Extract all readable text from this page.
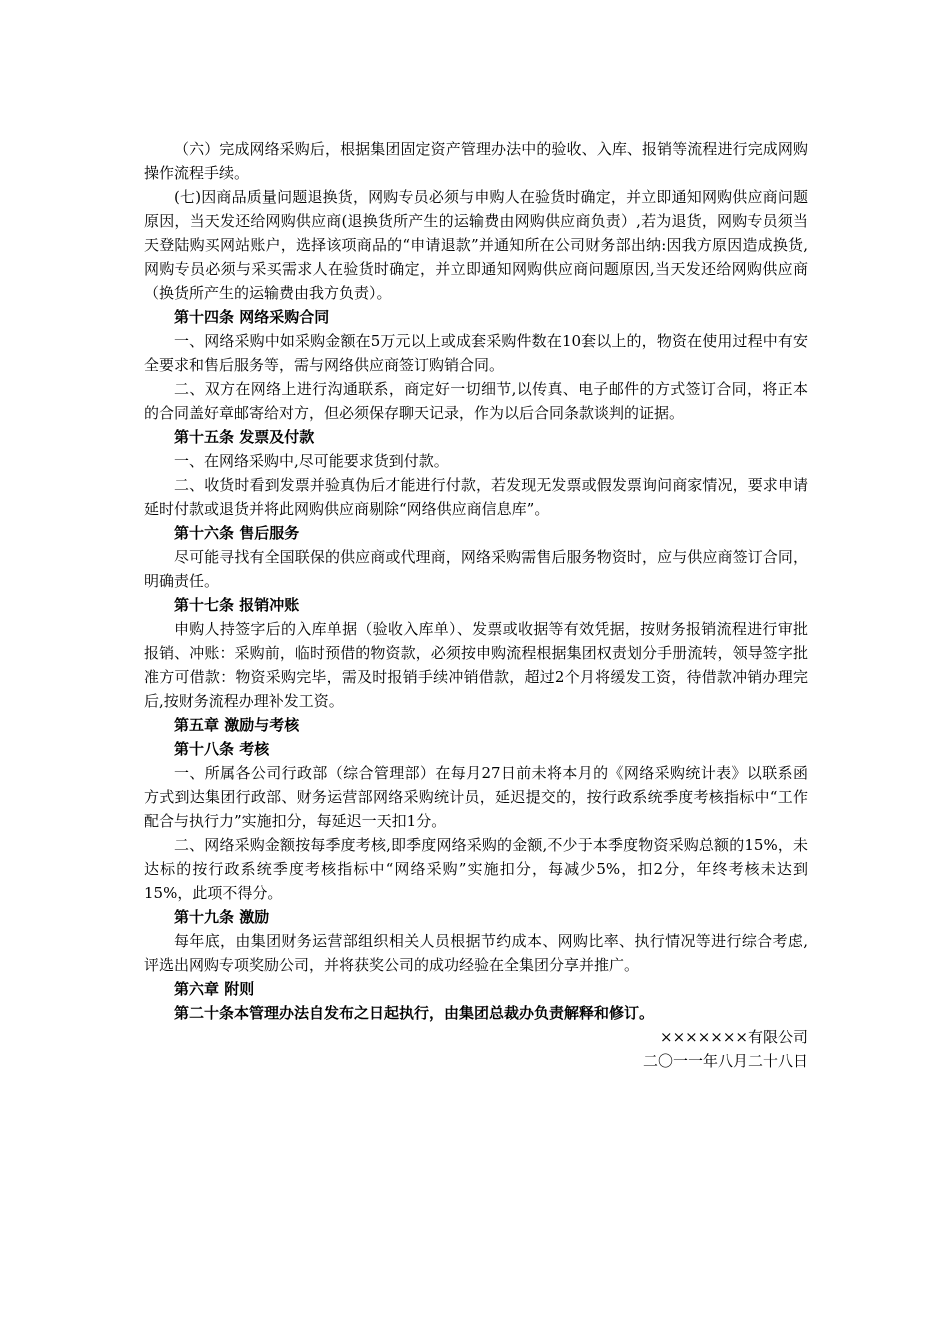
（六）完成网络采购后，根据集团固定资产管理办法中的验收、入库、报销等流程进行完成网购操作流程手续。

(七)因商品质量问题退换货，网购专员必须与申购人在验货时确定，并立即通知网购供应商问题原因，当天发还给网购供应商(退换货所产生的运输费由网购供应商负责）,若为退货，网购专员须当天登陆购买网站账户，选择该项商品的“申请退款”并通知所在公司财务部出纳:因我方原因造成换货,网购专员必须与采买需求人在验货时确定，并立即通知网购供应商问题原因,当天发还给网购供应商（换货所产生的运输费由我方负责）。

第十四条 网络采购合同

一、网络采购中如采购金额在5万元以上或成套采购件数在10套以上的，物资在使用过程中有安全要求和售后服务等，需与网络供应商签订购销合同。

二、双方在网络上进行沟通联系，商定好一切细节,以传真、电子邮件的方式签订合同，将正本的合同盖好章邮寄给对方，但必须保存聊天记录，作为以后合同条款谈判的证据。

第十五条 发票及付款

一、在网络采购中,尽可能要求货到付款。

二、收货时看到发票并验真伪后才能进行付款，若发现无发票或假发票询问商家情况，要求申请延时付款或退货并将此网购供应商剔除“网络供应商信息库”。

第十六条 售后服务

尽可能寻找有全国联保的供应商或代理商，网络采购需售后服务物资时，应与供应商签订合同，明确责任。

第十七条 报销冲账

申购人持签字后的入库单据（验收入库单）、发票或收据等有效凭据，按财务报销流程进行审批报销、冲账：采购前，临时预借的物资款，必须按申购流程根据集团权责划分手册流转，领导签字批准方可借款：物资采购完毕，需及时报销手续冲销借款，超过2个月将缓发工资，待借款冲销办理完后,按财务流程办理补发工资。

第五章 激励与考核

第十八条 考核

一、所属各公司行政部（综合管理部）在每月27日前未将本月的《网络采购统计表》以联系函方式到达集团行政部、财务运营部网络采购统计员，延迟提交的，按行政系统季度考核指标中“工作配合与执行力”实施扣分，每延迟一天扣1分。

二、网络采购金额按每季度考核,即季度网络采购的金额,不少于本季度物资采购总额的15%，未达标的按行政系统季度考核指标中“网络采购”实施扣分，每减少5%，扣2分，年终考核未达到15%，此项不得分。

第十九条 激励

每年底，由集团财务运营部组织相关人员根据节约成本、网购比率、执行情况等进行综合考虑,评选出网购专项奖励公司，并将获奖公司的成功经验在全集团分享并推广。

第六章 附则

第二十条本管理办法自发布之日起执行，由集团总裁办负责解释和修订。

×××××××有限公司

二〇一一年八月二十八日
